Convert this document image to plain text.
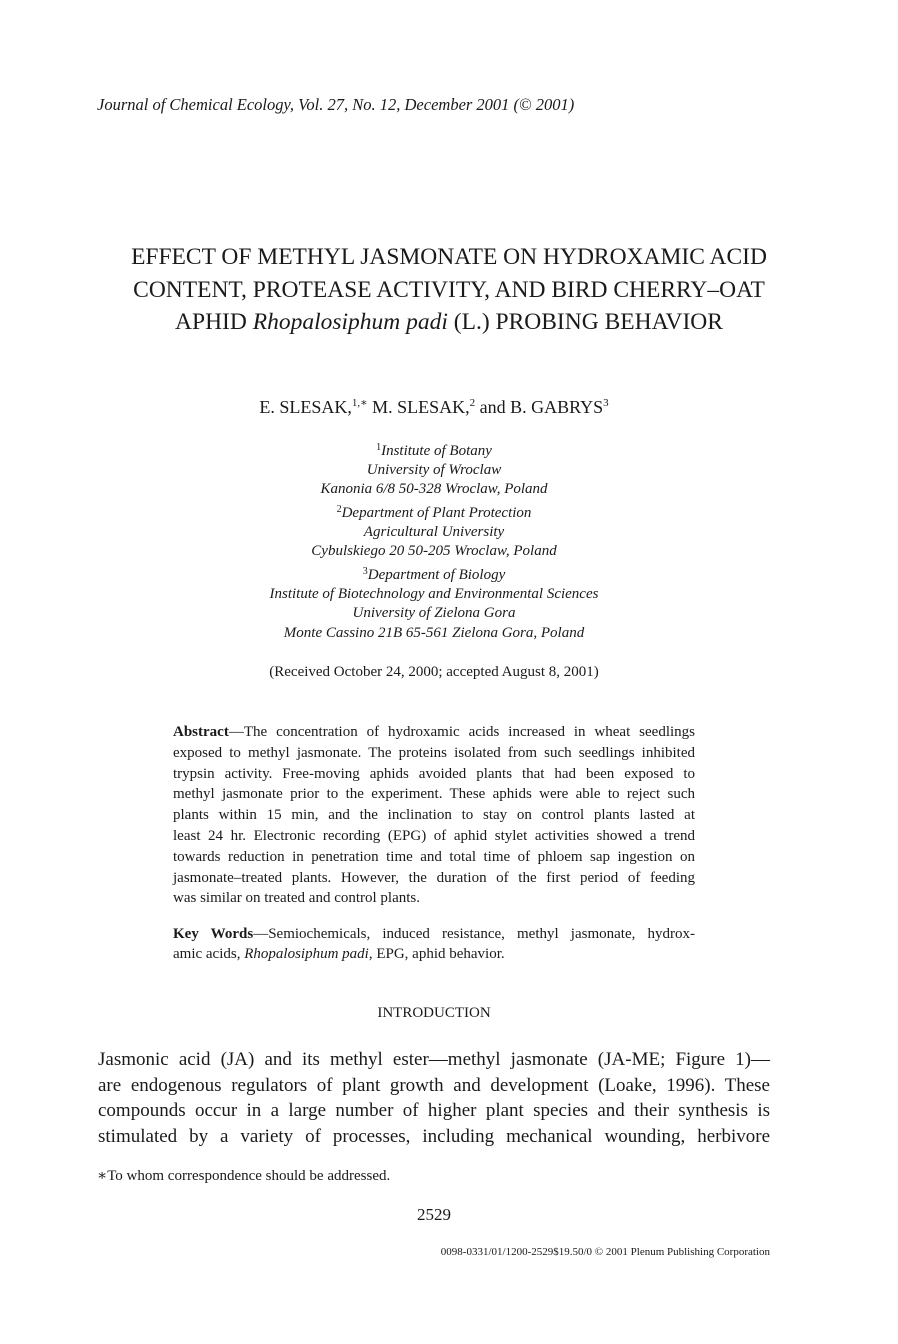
Journal of Chemical Ecology, Vol. 27, No. 12, December 2001 (© 2001)
EFFECT OF METHYL JASMONATE ON HYDROXAMIC ACID
CONTENT, PROTEASE ACTIVITY, AND BIRD CHERRY–OAT
APHID Rhopalosiphum padi (L.) PROBING BEHAVIOR
E. SLESAK,$^{1,∗}$ M. SLESAK,$^2$ and B. GABRYS$^3$
$^1$Institute of Botany
University of Wroclaw
Kanonia 6/8 50-328 Wroclaw, Poland
$^2$Department of Plant Protection
Agricultural University
Cybulskiego 20 50-205 Wroclaw, Poland
$^3$Department of Biology
Institute of Biotechnology and Environmental Sciences
University of Zielona Gora
Monte Cassino 21B 65-561 Zielona Gora, Poland
(Received October 24, 2000; accepted August 8, 2001)
Abstract—The concentration of hydroxamic acids increased in wheat seedlings
exposed to methyl jasmonate. The proteins isolated from such seedlings inhibited
trypsin activity. Free-moving aphids avoided plants that had been exposed to
methyl jasmonate prior to the experiment. These aphids were able to reject such
plants within 15 min, and the inclination to stay on control plants lasted at
least 24 hr. Electronic recording (EPG) of aphid stylet activities showed a trend
towards reduction in penetration time and total time of phloem sap ingestion on
jasmonate–treated plants. However, the duration of the first period of feeding
was similar on treated and control plants.
Key Words—Semiochemicals, induced resistance, methyl jasmonate, hydrox-
amic acids, Rhopalosiphum padi, EPG, aphid behavior.
INTRODUCTION
Jasmonic acid (JA) and its methyl ester—methyl jasmonate (JA-ME; Figure 1)—
are endogenous regulators of plant growth and development (Loake, 1996). These
compounds occur in a large number of higher plant species and their synthesis is
stimulated by a variety of processes, including mechanical wounding, herbivore
∗To whom correspondence should be addressed.
2529
0098-0331/01/1200-2529$19.50/0 © 2001 Plenum Publishing Corporation
